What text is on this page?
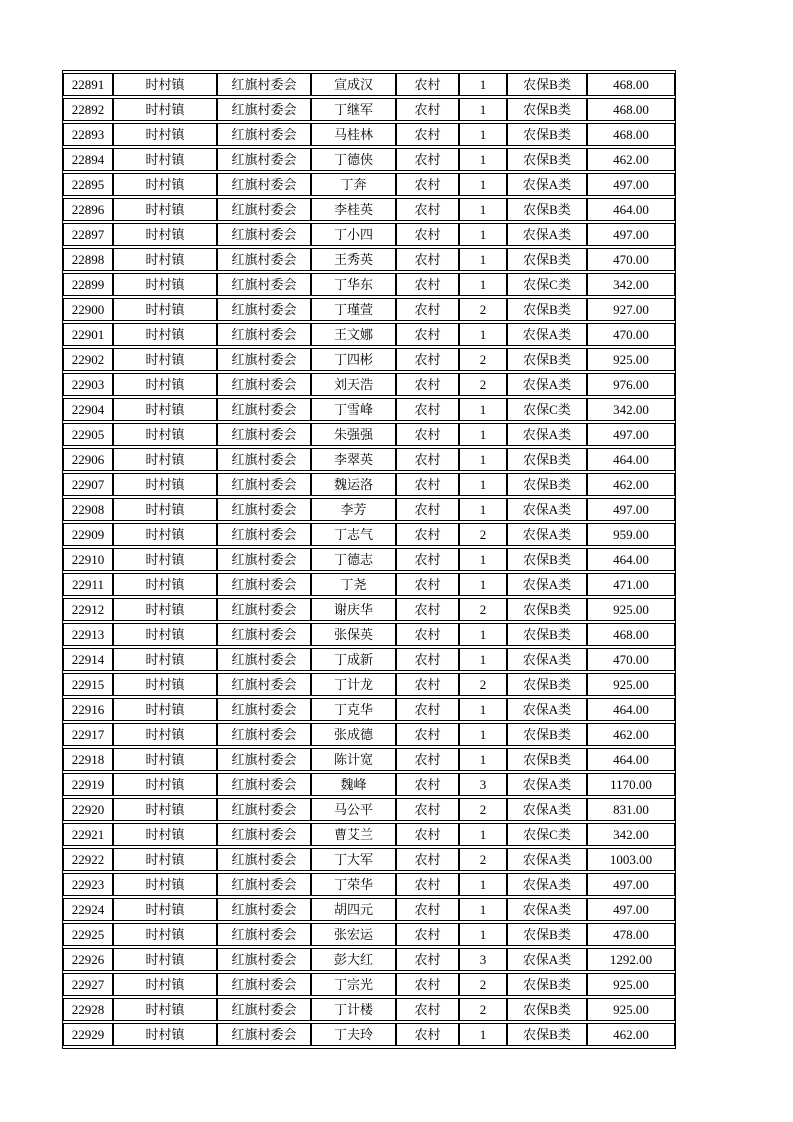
22891	时村镇	红旗村委会	宣成汉	农村	1	农保B类	468.00
22892	时村镇	红旗村委会	丁继军	农村	1	农保B类	468.00
22893	时村镇	红旗村委会	马桂林	农村	1	农保B类	468.00
22894	时村镇	红旗村委会	丁德侠	农村	1	农保B类	462.00
22895	时村镇	红旗村委会	丁奔	农村	1	农保A类	497.00
22896	时村镇	红旗村委会	李桂英	农村	1	农保B类	464.00
22897	时村镇	红旗村委会	丁小四	农村	1	农保A类	497.00
22898	时村镇	红旗村委会	王秀英	农村	1	农保B类	470.00
22899	时村镇	红旗村委会	丁华东	农村	1	农保C类	342.00
22900	时村镇	红旗村委会	丁瑾萱	农村	2	农保B类	927.00
22901	时村镇	红旗村委会	王文娜	农村	1	农保A类	470.00
22902	时村镇	红旗村委会	丁四彬	农村	2	农保B类	925.00
22903	时村镇	红旗村委会	刘天浩	农村	2	农保A类	976.00
22904	时村镇	红旗村委会	丁雪峰	农村	1	农保C类	342.00
22905	时村镇	红旗村委会	朱强强	农村	1	农保A类	497.00
22906	时村镇	红旗村委会	李翠英	农村	1	农保B类	464.00
22907	时村镇	红旗村委会	魏运洛	农村	1	农保B类	462.00
22908	时村镇	红旗村委会	李芳	农村	1	农保A类	497.00
22909	时村镇	红旗村委会	丁志气	农村	2	农保A类	959.00
22910	时村镇	红旗村委会	丁德志	农村	1	农保B类	464.00
22911	时村镇	红旗村委会	丁尧	农村	1	农保A类	471.00
22912	时村镇	红旗村委会	谢庆华	农村	2	农保B类	925.00
22913	时村镇	红旗村委会	张保英	农村	1	农保B类	468.00
22914	时村镇	红旗村委会	丁成新	农村	1	农保A类	470.00
22915	时村镇	红旗村委会	丁计龙	农村	2	农保B类	925.00
22916	时村镇	红旗村委会	丁克华	农村	1	农保A类	464.00
22917	时村镇	红旗村委会	张成德	农村	1	农保B类	462.00
22918	时村镇	红旗村委会	陈计宽	农村	1	农保B类	464.00
22919	时村镇	红旗村委会	魏峰	农村	3	农保A类	1170.00
22920	时村镇	红旗村委会	马公平	农村	2	农保A类	831.00
22921	时村镇	红旗村委会	曹艾兰	农村	1	农保C类	342.00
22922	时村镇	红旗村委会	丁大军	农村	2	农保A类	1003.00
22923	时村镇	红旗村委会	丁荣华	农村	1	农保A类	497.00
22924	时村镇	红旗村委会	胡四元	农村	1	农保A类	497.00
22925	时村镇	红旗村委会	张宏运	农村	1	农保B类	478.00
22926	时村镇	红旗村委会	彭大红	农村	3	农保A类	1292.00
22927	时村镇	红旗村委会	丁宗光	农村	2	农保B类	925.00
22928	时村镇	红旗村委会	丁计楼	农村	2	农保B类	925.00
22929	时村镇	红旗村委会	丁夫玲	农村	1	农保B类	462.00
